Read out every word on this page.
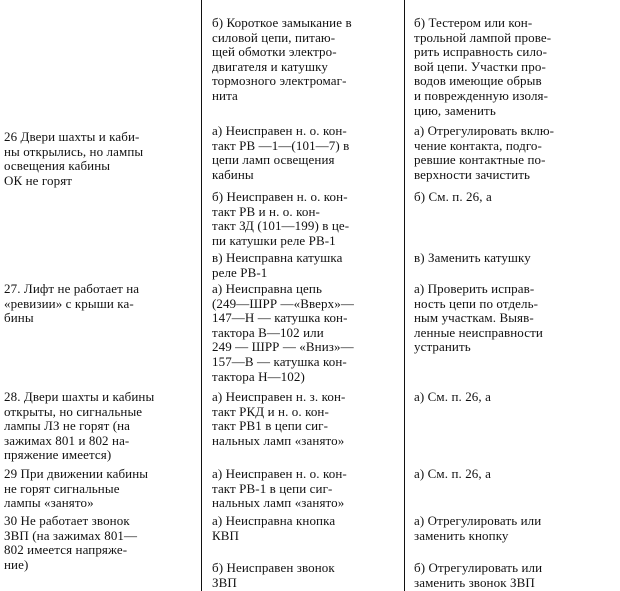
б) Короткое замыкание в
силовой цепи, питаю-
щей обмотки электро-
двигателя и катушку
тормозного электромаг-
нита
б) Тестером или кон-
трольной лампой прове-
рить исправность сило-
вой цепи. Участки про-
водов имеющие обрыв
и поврежденную изоля-
цию, заменить
26 Двери шахты и каби-
ны открылись, но лампы
освещения кабины
ОК не горят
а) Неисправен н. о. кон-
такт РВ —1—(101—7) в
цепи ламп освещения
кабины
б) Неисправен н. о. кон-
такт РВ и н. о. кон-
такт ЗД (101—199) в це-
пи катушки реле РВ-1
в) Неисправна катушка
реле РВ-1
а) Отрегулировать вклю-
чение контакта, подго-
ревшие контактные по-
верхности зачистить
б) См. п. 26, а
в) Заменить катушку
27. Лифт не работает на
«ревизии» с крыши ка-
бины
а) Неисправна цепь
(249—ШРР —«Вверх»—
147—Н — катушка кон-
тактора В—102 или
249 — ШРР — «Вниз»—
157—В — катушка кон-
тактора Н—102)
а) Проверить исправ-
ность цепи по отдель-
ным участкам. Выяв-
ленные неисправности
устранить
28. Двери шахты и кабины
открыты, но сигнальные
лампы ЛЗ не горят (на
зажимах 801 и 802 на-
пряжение имеется)
а) Неисправен н. з. кон-
такт РКД и н. о. кон-
такт РВ1 в цепи сиг-
нальных ламп «занято»
а) См. п. 26, а
29 При движении кабины
не горят сигнальные
лампы «занято»
а) Неисправен н. о. кон-
такт РВ-1 в цепи сиг-
нальных ламп «занято»
а) См. п. 26, а
30 Не работает звонок
ЗВП (на зажимах 801—
802 имеется напряже-
ние)
а) Неисправна кнопка
КВП
б) Неисправен звонок
ЗВП
а) Отрегулировать или
заменить кнопку
б) Отрегулировать или
заменить звонок ЗВП
